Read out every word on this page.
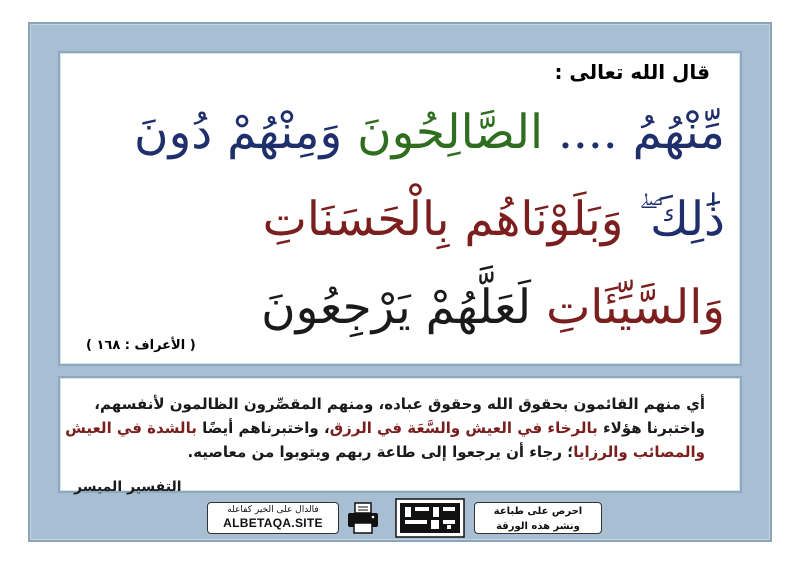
قال الله تعالى :
مِّنْهُمُ .... الصَّالِحُونَ وَمِنْهُمْ دُونَ
ذَٰلِكَ ۖ وَبَلَوْنَاهُم بِالْحَسَنَاتِ
وَالسَّيِّئَاتِ لَعَلَّهُمْ يَرْجِعُونَ
( الأعراف : ١٦٨ )
أي منهم القائمون بحقوق الله وحقوق عباده، ومنهم المقصِّرون الظالمون لأنفسهم،
واختبرنا هؤلاء بالرخاء في العيش والسَّعَة في الرزق، واختبرناهم أيضًا بالشدة في العيش
والمصائب والرزايا؛ رجاء أن يرجعوا إلى طاعة ربهم ويتوبوا من معاصيه.
التفسير الميسر
فالدال على الخير كفاعله
ALBETAQA.SITE
احرص على طباعة
ونشر هذه الورقة
